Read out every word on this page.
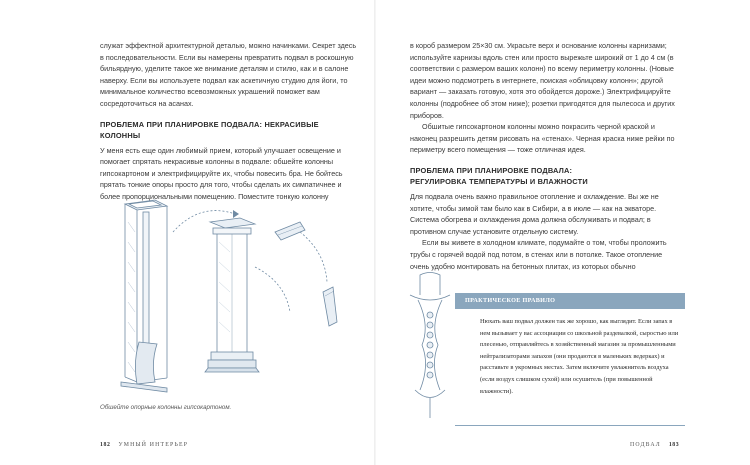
служат эффектной архитектурной деталью, можно начинками. Секрет здесь в последовательности. Если вы намерены превратить подвал в роскошную бильярдную, уделите такое же внимание деталям и стилю, как и в салоне наверху. Если вы используете подвал как аскетичную студию для йоги, то минимальное количество всевозможных украшений поможет вам сосредоточиться на асанах.

ПРОБЛЕМА ПРИ ПЛАНИРОВКЕ ПОДВАЛА: НЕКРАСИВЫЕ КОЛОННЫ

У меня есть еще один любимый прием, который улучшает освещение и помогает спрятать некрасивые колонны в подвале: обшейте колонны гипсокартоном и электрифицируйте их, чтобы повесить бра. Не бойтесь прятать тонкие опоры просто для того, чтобы сделать их симпатичнее и более пропорциональными помещению. Поместите тонкую колонну

Обшейте опорные колонны гипсокартоном.
182 УМНЫЙ ИНТЕРЬЕР

в короб размером 25×30 см. Украсьте верх и основание колонны карнизами; используйте карнизы вдоль стен или просто вырежьте широкий от 1 до 4 см (в соответствии с размером ваших колонн) по всему периметру колонны. (Новые идеи можно подсмотреть в интернете, поиская «облицовку колонн»; другой вариант — заказать готовую, хотя это обойдется дороже.) Электрифицируйте колонны (подробнее об этом ниже); розетки пригодятся для пылесоса и других приборов.

Обшитые гипсокартоном колонны можно покрасить черной краской и наконец разрешить детям рисовать на «стенах». Черная краска ниже рейки по периметру всего помещения — тоже отличная идея.

ПРОБЛЕМА ПРИ ПЛАНИРОВКЕ ПОДВАЛА:
РЕГУЛИРОВКА ТЕМПЕРАТУРЫ И ВЛАЖНОСТИ

Для подвала очень важно правильное отопление и охлаждение. Вы же не хотите, чтобы зимой там было как в Сибири, а в июле — как на экваторе. Система обогрева и охлаждения дома должна обслуживать и подвал; в противном случае установите отдельную систему.

Если вы живете в холодном климате, подумайте о том, чтобы проложить трубы с горячей водой под потом, в стенах или в потолке. Такое отопление очень удобно монтировать на бетонных плитах, из которых обычно

ПРАКТИЧЕСКОЕ ПРАВИЛО
Нюхать ваш подвал должен так же хорошо, как выглядит. Если запах в нем вызывает у вас ассоциации со школьной раздевалкой, сыростью или плесенью, отправляйтесь в хозяйственный магазин за промышленными нейтрализаторами запахов (они продаются в маленьких ведерках) и расставьте в укромных местах. Затем включите увлажнитель воздуха (если воздух слишком сухой) или осушитель (при повышенной влажности).
ПОДВАЛ 183
